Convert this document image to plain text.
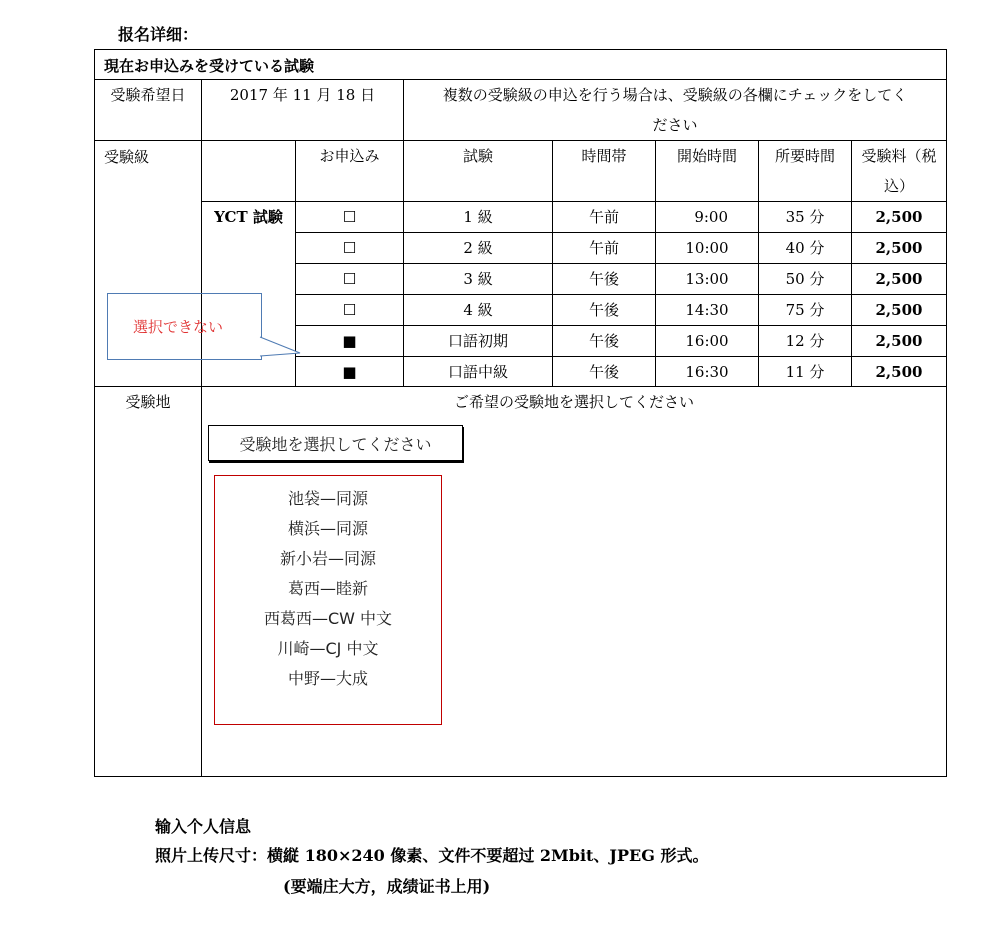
报名详细：
現在お申込みを受けている試験
受験希望日	2017 年 11 月 18 日	複数の受験級の申込を行う場合は、受験級の各欄にチェックをしてく
ださい
受験級	お申込み	試験	時間帯	開始時間	所要時間	受験料（税
込）
YCT 試験	☐	1 級	午前	9:00	35 分	2,500
☐	2 級	午前	10:00	40 分	2,500
☐	3 級	午後	13:00	50 分	2,500
☐	4 級	午後	14:30	75 分	2,500
■	口語初期	午後	16:00	12 分	2,500
■	口語中級	午後	16:30	11 分	2,500
選択できない
受験地	ご希望の受験地を選択してください
受験地を選択してください
池袋—同源
横浜—同源
新小岩—同源
葛西—睦新
西葛西—CW 中文
川崎—CJ 中文
中野—大成
输入个人信息
照片上传尺寸：横縦 180×240 像素、文件不要超过 2Mbit、JPEG 形式。
(要端庄大方，成绩证书上用)
